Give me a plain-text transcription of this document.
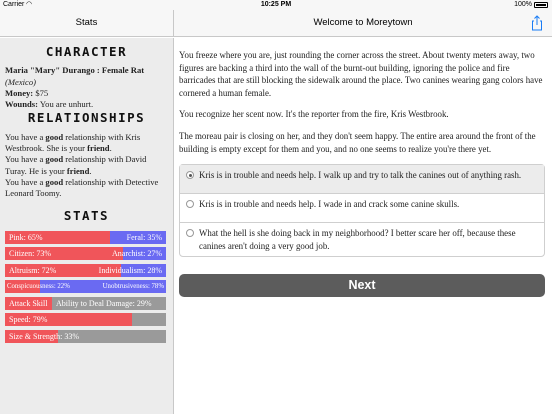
Carrier ◠	10:25 PM	100%
Stats	Welcome to Moreytown
CHARACTER
Maria "Mary" Durango : Female Rat
(Mexico)
Money: $75
Wounds: You are unhurt.
RELATIONSHIPS
You have a good relationship with Kris Westbrook. She is your friend.
You have a good relationship with David Turay. He is your friend.
You have a good relationship with Detective Leonard Toomy.
STATS
Pink: 65%	Feral: 35%
Citizen: 73%	Anarchist: 27%
Altruism: 72%	Individualism: 28%
Conspicuousness: 22%	Unobtrusiveness: 78%
Attack Skill Ability to Deal Damage: 29%
Speed: 79%
Size & Strength: 33%

You freeze where you are, just rounding the corner across the street. About twenty meters away, two figures are backing a third into the wall of the burnt-out building, ignoring the police and fire barricades that are still blocking the sidewalk around the place. Two canines wearing gang colors have cornered a human female.

You recognize her scent now. It's the reporter from the fire, Kris Westbrook.

The moreau pair is closing on her, and they don't seem happy. The entire area around the front of the building is empty except for them and you, and no one seems to realize you're there yet.

Kris is in trouble and needs help. I walk up and try to talk the canines out of anything rash.
Kris is in trouble and needs help. I wade in and crack some canine skulls.
What the hell is she doing back in my neighborhood? I better scare her off, because these canines aren't doing a very good job.
Next
